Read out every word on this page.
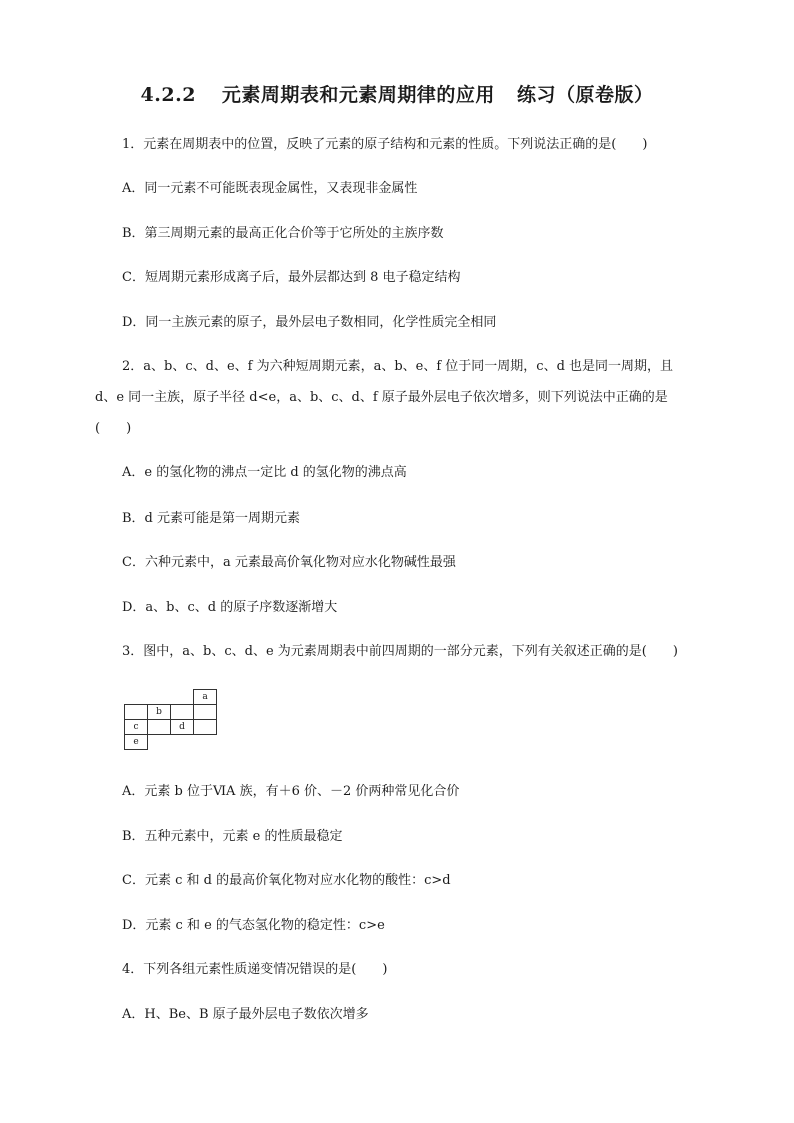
4.2.2 元素周期表和元素周期律的应用 练习（原卷版）
1．元素在周期表中的位置，反映了元素的原子结构和元素的性质。下列说法正确的是(　　)
A．同一元素不可能既表现金属性，又表现非金属性
B．第三周期元素的最高正化合价等于它所处的主族序数
C．短周期元素形成离子后，最外层都达到 8 电子稳定结构
D．同一主族元素的原子，最外层电子数相同，化学性质完全相同
2．a、b、c、d、e、f 为六种短周期元素，a、b、e、f 位于同一周期，c、d 也是同一周期，且
d、e 同一主族，原子半径 d<e，a、b、c、d、f 原子最外层电子依次增多，则下列说法中正确的是
(　　)
A．e 的氢化物的沸点一定比 d 的氢化物的沸点高
B．d 元素可能是第一周期元素
C．六种元素中，a 元素最高价氧化物对应水化物碱性最强
D．a、b、c、d 的原子序数逐渐增大
3．图中，a、b、c、d、e 为元素周期表中前四周期的一部分元素，下列有关叙述正确的是(　　)
			a
	b		
c		d	
e			
A．元素 b 位于ⅥA 族，有＋6 价、－2 价两种常见化合价
B．五种元素中，元素 e 的性质最稳定
C．元素 c 和 d 的最高价氧化物对应水化物的酸性：c>d
D．元素 c 和 e 的气态氢化物的稳定性：c>e
4．下列各组元素性质递变情况错误的是(　　)
A．H、Be、B 原子最外层电子数依次增多
